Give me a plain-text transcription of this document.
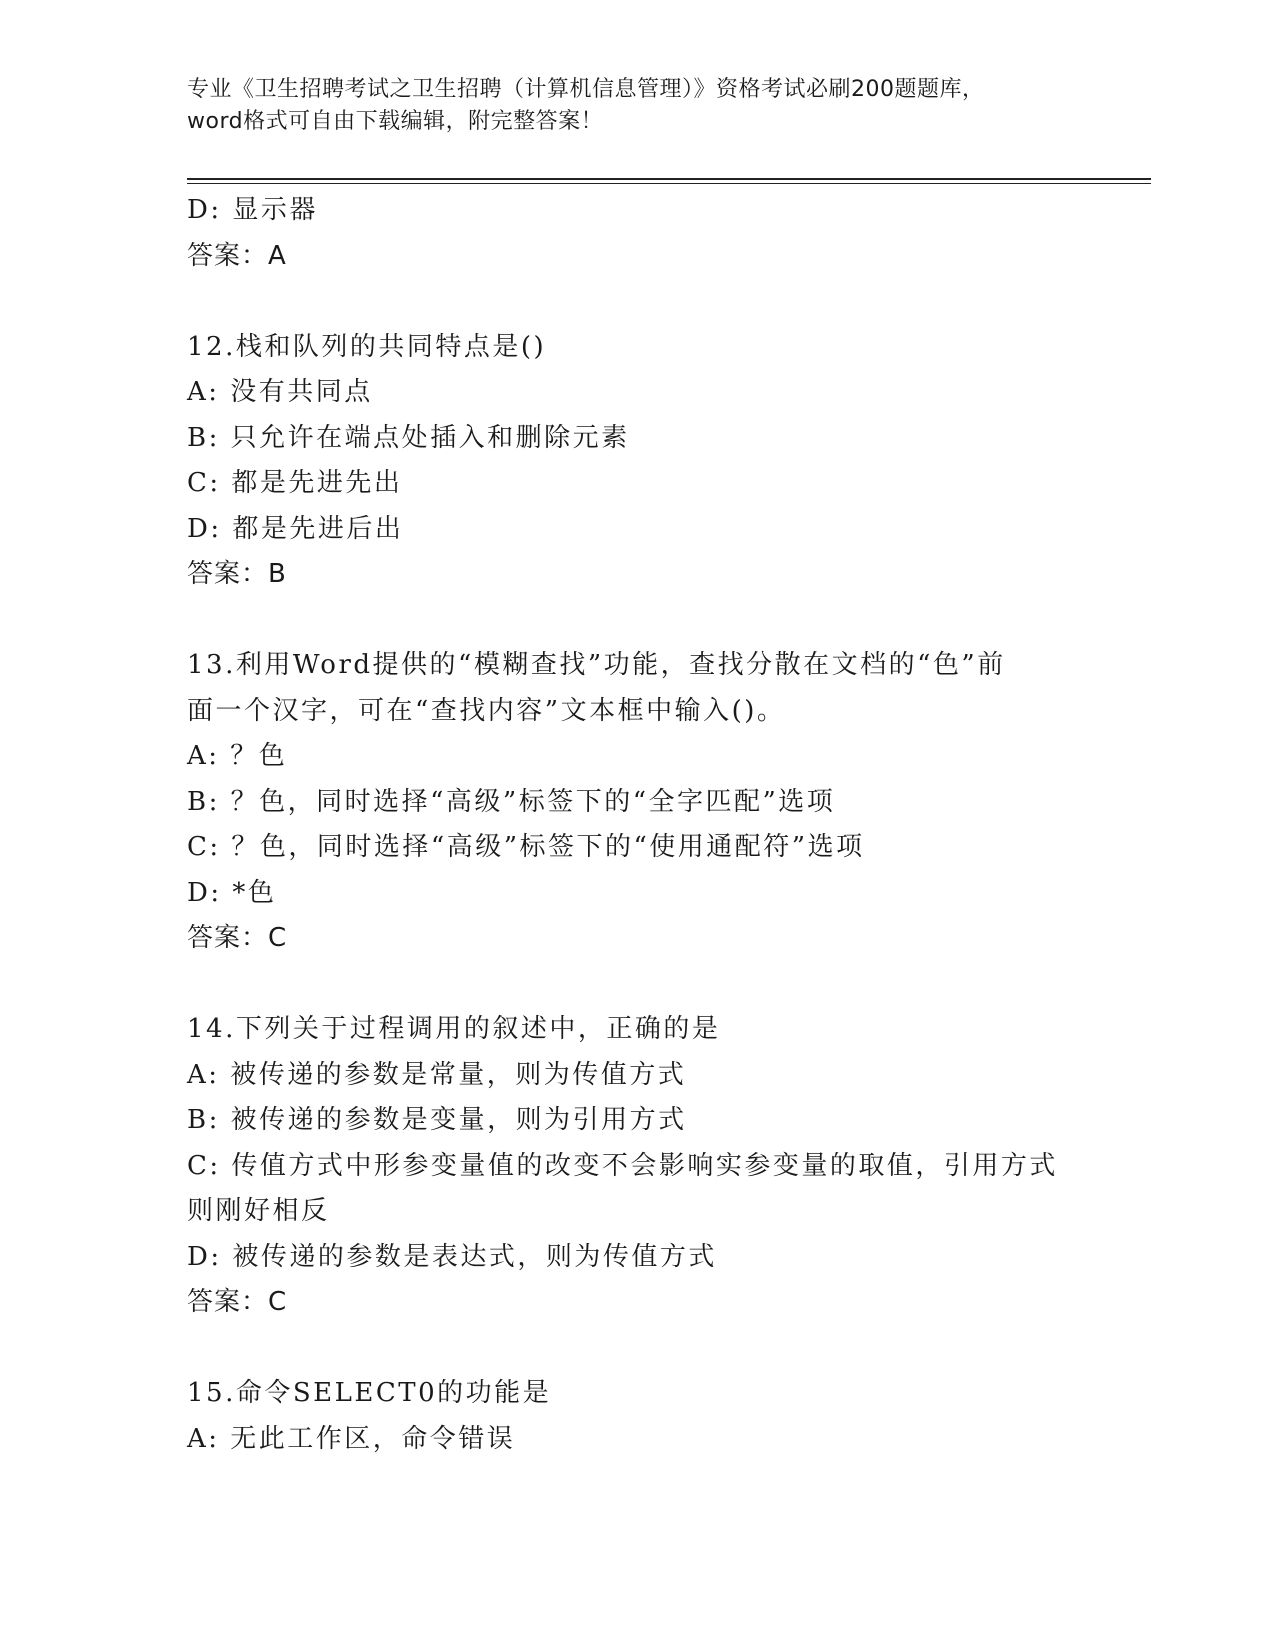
专业《卫生招聘考试之卫生招聘（计算机信息管理）》资格考试必刷200题题库，
word格式可自由下载编辑，附完整答案！
D: 显示器
答案：A
12.栈和队列的共同特点是()
A: 没有共同点
B: 只允许在端点处插入和删除元素
C: 都是先进先出
D: 都是先进后出
答案：B
13.利用Word提供的“模糊查找”功能，查找分散在文档的“色”前
面一个汉字，可在“查找内容”文本框中输入()。
A: ？色
B: ？色，同时选择“高级”标签下的“全字匹配”选项
C: ？色，同时选择“高级”标签下的“使用通配符”选项
D: *色
答案：C
14.下列关于过程调用的叙述中，正确的是
A: 被传递的参数是常量，则为传值方式
B: 被传递的参数是变量，则为引用方式
C: 传值方式中形参变量值的改变不会影响实参变量的取值，引用方式
则刚好相反
D: 被传递的参数是表达式，则为传值方式
答案：C
15.命令SELECT0的功能是
A: 无此工作区，命令错误
